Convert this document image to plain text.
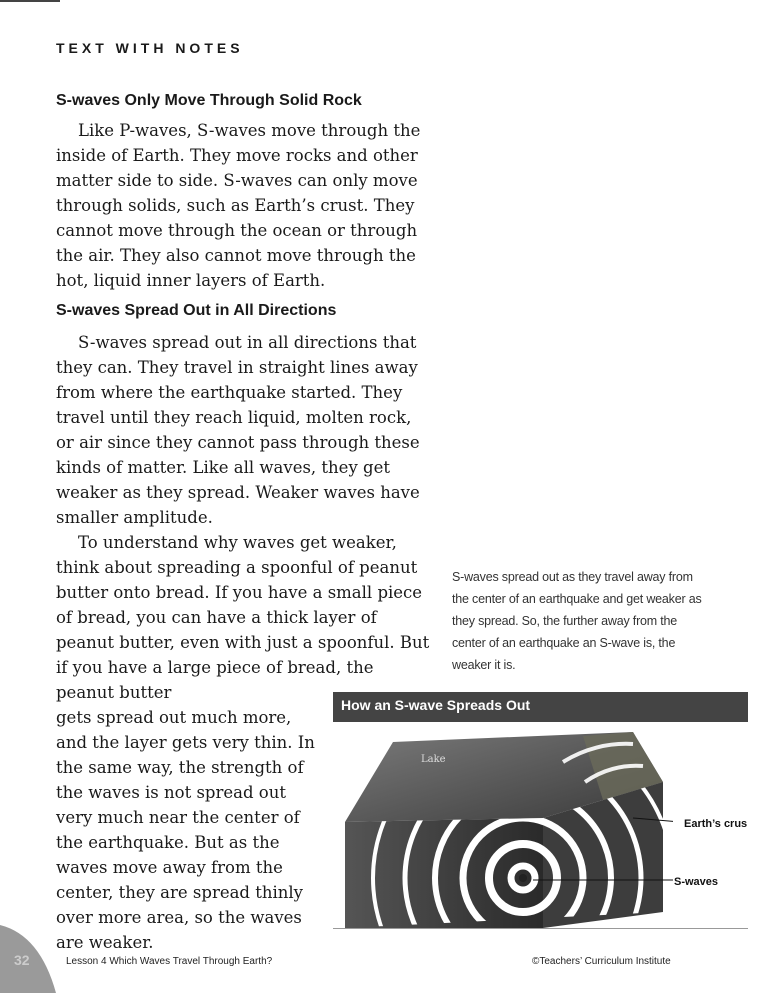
TEXT WITH NOTES
S-waves Only Move Through Solid Rock

Like P-waves, S-waves move through the inside of Earth. They move rocks and other matter side to side. S-waves can only move through solids, such as Earth’s crust. They cannot move through the ocean or through the air. They also cannot move through the hot, liquid inner layers of Earth.

S-waves Spread Out in All Directions

S-waves spread out in all directions that they can. They travel in straight lines away from where the earthquake started. They travel until they reach liquid, molten rock, or air since they cannot pass through these kinds of matter. Like all waves, they get weaker as they spread. Weaker waves have smaller amplitude.

To understand why waves get weaker, think about spreading a spoonful of peanut butter onto bread. If you have a small piece of bread, you can have a thick layer of peanut butter, even with just a spoonful. But if you have a large piece of bread, the peanut butter

gets spread out much more, and the layer gets very thin. In the same way, the strength of the waves is not spread out very much near the center of the earthquake. But as the waves move away from the center, they are spread thinly over more area, so the waves are weaker.

S-waves spread out as they travel away from the center of an earthquake and get weaker as they spread. So, the further away from the center of an earthquake an S-wave is, the weaker it is.
How an S-wave Spreads Out
Lake
Earth’s crus
S-waves
32	Lesson 4 Which Waves Travel Through Earth?	©Teachers’ Curriculum Institute
